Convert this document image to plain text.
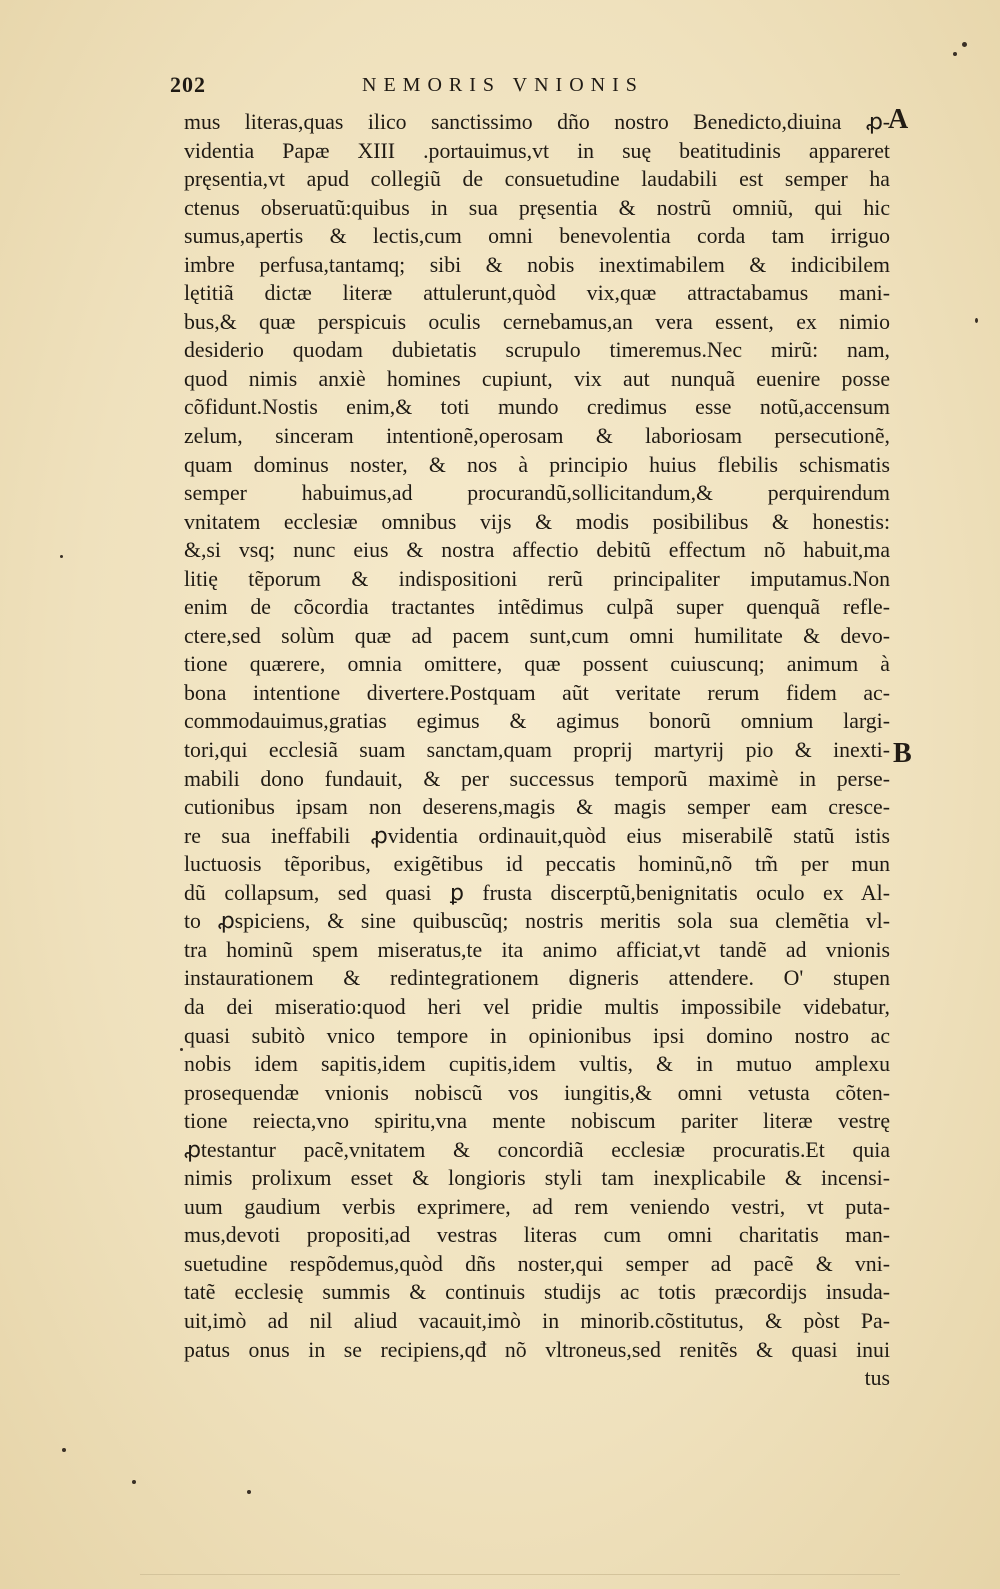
202	NEMORIS VNIONIS
A
B
mus literas,quas ilico sanctissimo dño nostro Benedicto,diuina ꝓ-
videntia Papæ XIII .portauimus,vt in suę beatitudinis appareret
pręsentia,vt apud collegiũ de consuetudine laudabili est semper ha
ctenus obseruatũ:quibus in sua pręsentia & nostrũ omniũ, qui hic
sumus,apertis & lectis,cum omni benevolentia corda tam irriguo
imbre perfusa,tantamq; sibi & nobis inextimabilem & indicibilem
lętitiã dictæ literæ attulerunt,quòd vix,quæ attractabamus mani-
bus,& quæ perspicuis oculis cernebamus,an vera essent, ex nimio
desiderio quodam dubietatis scrupulo timeremus.Nec mirũ: nam,
quod nimis anxiè homines cupiunt, vix aut nunquã euenire posse
cõfidunt.Nostis enim,& toti mundo credimus esse notũ,accensum
zelum, sinceram intentionẽ,operosam & laboriosam persecutionẽ,
quam dominus noster, & nos à principio huius flebilis schismatis
semper habuimus,ad procurandũ,sollicitandum,& perquirendum
vnitatem ecclesiæ omnibus vijs & modis posibilibus & honestis:
&,si vsq; nunc eius & nostra affectio debitũ effectum nõ habuit,ma
litię tẽporum & indispositioni rerũ principaliter imputamus.Non
enim de cõcordia tractantes intẽdimus culpã super quenquã refle-
ctere,sed solùm quæ ad pacem sunt,cum omni humilitate & devo-
tione quærere, omnia omittere, quæ possent cuiuscunq; animum à
bona intentione divertere.Postquam aũt veritate rerum fidem ac-
commodauimus,gratias egimus & agimus bonorũ omnium largi-
tori,qui ecclesiã suam sanctam,quam proprij martyrij pio & inexti-
mabili dono fundauit, & per successus temporũ maximè in perse-
cutionibus ipsam non deserens,magis & magis semper eam cresce-
re sua ineffabili ꝓvidentia ordinauit,quòd eius miserabilẽ statũ istis
luctuosis tẽporibus, exigẽtibus id peccatis hominũ,nõ tm̃ per mun
dũ collapsum, sed quasi ꝑ frusta discerptũ,benignitatis oculo ex Al-
to ꝓspiciens, & sine quibuscũq; nostris meritis sola sua clemẽtia vl-
tra hominũ spem miseratus,te ita animo afficiat,vt tandẽ ad vnionis
instaurationem & redintegrationem digneris attendere. O' stupen
da dei miseratio:quod heri vel pridie multis impossibile videbatur,
quasi subitò vnico tempore in opinionibus ipsi domino nostro ac
nobis idem sapitis,idem cupitis,idem vultis, & in mutuo amplexu
prosequendæ vnionis nobiscũ vos iungitis,& omni vetusta cõten-
tione reiecta,vno spiritu,vna mente nobiscum pariter literæ vestrę
ꝓtestantur pacẽ,vnitatem & concordiã ecclesiæ procuratis.Et quia
nimis prolixum esset & longioris styli tam inexplicabile & incensi-
uum gaudium verbis exprimere, ad rem veniendo vestri, vt puta-
mus,devoti propositi,ad vestras literas cum omni charitatis man-
suetudine respõdemus,quòd dñs noster,qui semper ad pacẽ & vni-
tatẽ ecclesię summis & continuis studijs ac totis præcordijs insuda-
uit,imò ad nil aliud vacauit,imò in minorib.cõstitutus, & pòst Pa-
patus onus in se recipiens,qđ nõ vltroneus,sed renitẽs & quasi inui
tus
